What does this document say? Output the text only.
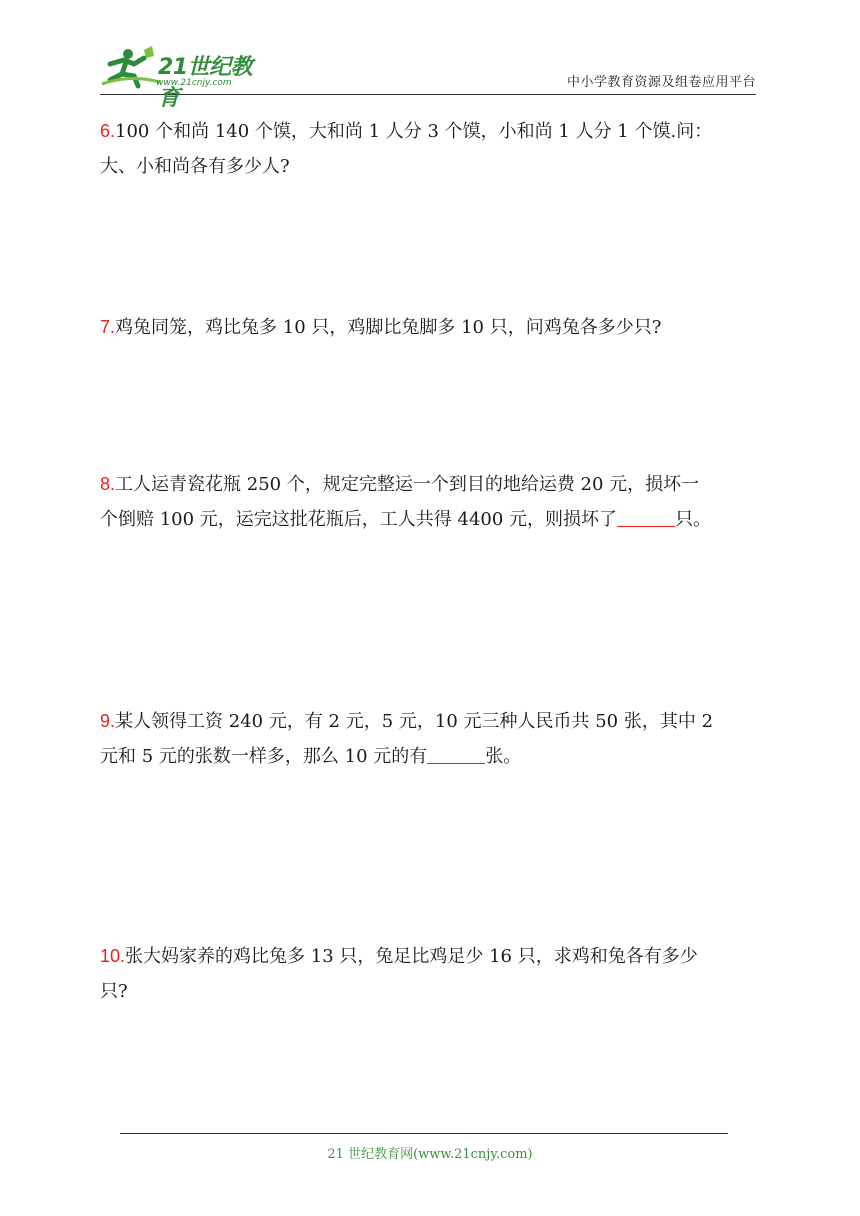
21世纪教育
www.21cnjy.com	中小学教育资源及组卷应用平台
6.100 个和尚 140 个馍，大和尚 1 人分 3 个馍，小和尚 1 人分 1 个馍.问：
大、小和尚各有多少人?
7.鸡兔同笼，鸡比兔多 10 只，鸡脚比兔脚多 10 只，问鸡兔各多少只?
8.工人运青瓷花瓶 250 个，规定完整运一个到目的地给运费 20 元，损坏一
个倒赔 100 元，运完这批花瓶后，工人共得 4400 元，则损坏了	只。
9.某人领得工资 240 元，有 2 元，5 元，10 元三种人民币共 50 张，其中 2
元和 5 元的张数一样多，那么 10 元的有	张。
10.张大妈家养的鸡比兔多 13 只，兔足比鸡足少 16 只，求鸡和兔各有多少
只?
21 世纪教育网(www.21cnjy.com)
